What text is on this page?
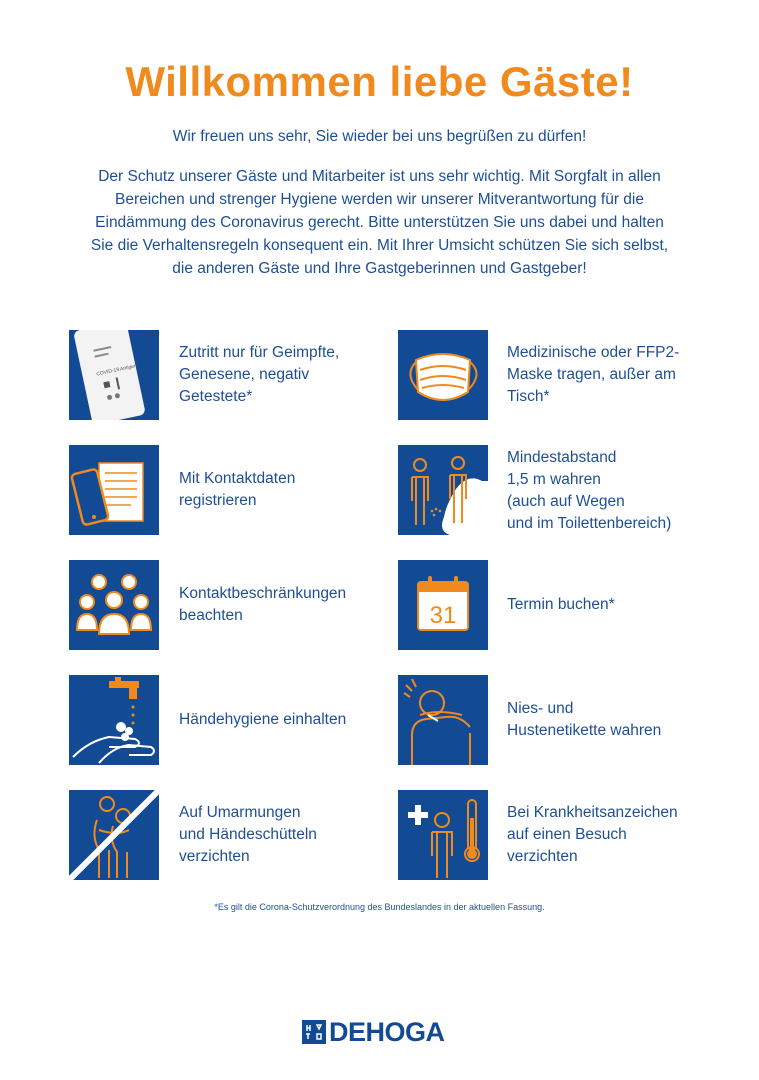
Willkommen liebe Gäste!
Wir freuen uns sehr, Sie wieder bei uns begrüßen zu dürfen!
Der Schutz unserer Gäste und Mitarbeiter ist uns sehr wichtig. Mit Sorgfalt in allen
Bereichen und strenger Hygiene werden wir unserer Mitverantwortung für die
Eindämmung des Coronavirus gerecht. Bitte unterstützen Sie uns dabei und halten
Sie die Verhaltensregeln konsequent ein. Mit Ihrer Umsicht schützen Sie sich selbst,
die anderen Gäste und Ihre Gastgeberinnen und Gastgeber!
COVID-19 Antigen
Zutritt nur für Geimpfte,
Genesene, negativ
Getestete*
Medizinische oder FFP2-
Maske tragen, außer am
Tisch*
Mit Kontaktdaten
registrieren
Mindestabstand
1,5 m wahren
(auch auf Wegen
und im Toilettenbereich)
Kontaktbeschränkungen
beachten	31	Termin buchen*
Händehygiene einhalten
Nies- und
Hustenetikette wahren
Auf Umarmungen
und Händeschütteln
verzichten
Bei Krankheitsanzeichen
auf einen Besuch
verzichten
*Es gilt die Corona-Schutzverordnung des Bundeslandes in der aktuellen Fassung.
DEHOGA
